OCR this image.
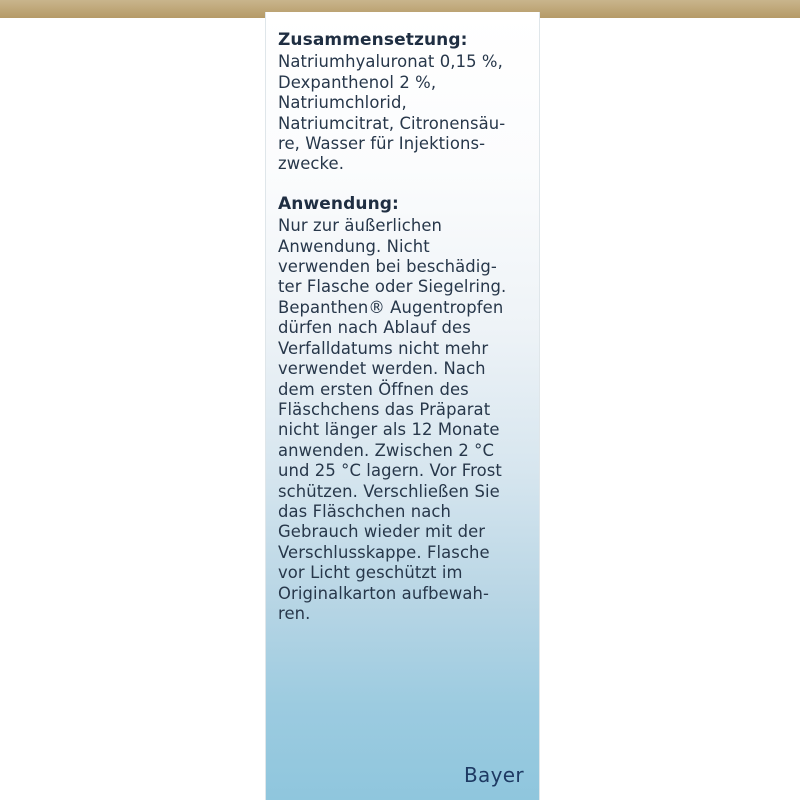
Zusammensetzung:
Natriumhyaluronat 0,15 %,
Dexpanthenol 2 %,
Natriumchlorid,
Natriumcitrat, Citronensäu-
re, Wasser für Injektions-
zwecke.
Anwendung:
Nur zur äußerlichen
Anwendung. Nicht
verwenden bei beschädig-
ter Flasche oder Siegelring.
Bepanthen® Augentropfen
dürfen nach Ablauf des
Verfalldatums nicht mehr
verwendet werden. Nach
dem ersten Öffnen des
Fläschchens das Präparat
nicht länger als 12 Monate
anwenden. Zwischen 2 °C
und 25 °C lagern. Vor Frost
schützen. Verschließen Sie
das Fläschchen nach
Gebrauch wieder mit der
Verschlusskappe. Flasche
vor Licht geschützt im
Originalkarton aufbewah-
ren.
Bayer
